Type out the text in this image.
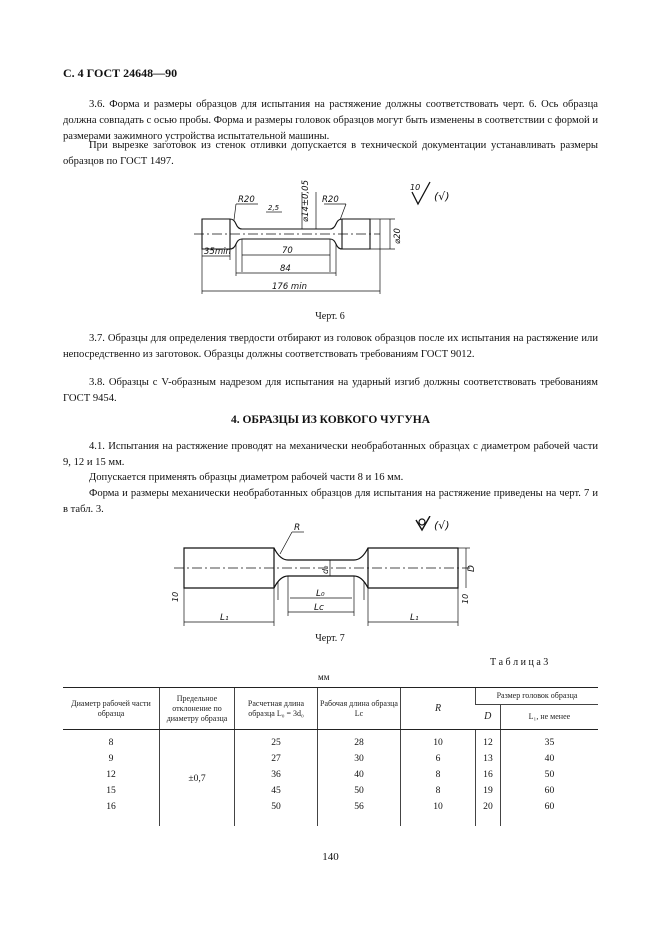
С. 4 ГОСТ 24648—90
3.6. Форма и размеры образцов для испытания на растяжение должны соответствовать черт. 6. Ось образца должна совпадать с осью пробы. Форма и размеры головок образцов могут быть изменены в соответствии с формой и размерами зажимного устройства испытательной машины.
При вырезке заготовок из стенок отливки допускается в технической документации устанавливать размеры образцов по ГОСТ 1497.
R20	R20
2,5	⌀14±0,05
⌀20
35min	70
84
176 min
10
(√)
Черт. 6
3.7. Образцы для определения твердости отбирают из головок образцов после их испытания на растяжение или непосредственно из заготовок. Образцы должны соответствовать требованиям ГОСТ 9012.
3.8. Образцы с V-образным надрезом для испытания на ударный изгиб должны соответствовать требованиям ГОСТ 9454.
4. ОБРАЗЦЫ ИЗ КОВКОГО ЧУГУНА
4.1. Испытания на растяжение проводят на механически необработанных образцах с диаметром рабочей части 9, 12 и 15 мм.
Допускается применять образцы диаметром рабочей части 8 и 16 мм.
Форма и размеры механически необработанных образцов для испытания на растяжение приведены на черт. 7 и в табл. 3.
R
d₀	D
L₀
Lc
L₁	L₁
10	10
(√)
Черт. 7
Т а б л и ц а 3
мм
Диаметр рабочей части образца	Предельное отклонение по диаметру образца	Расчетная длина образца L₀ = 3d₀	Рабочая длина образца Lc	R	Размер головок образца	
					D	L₁, не менее
8	±0,7	25	28	10	12	35
9		27	30	6	13	40
12		36	40	8	16	50
15		45	50	8	19	60
16		50	56	10	20	60
140
